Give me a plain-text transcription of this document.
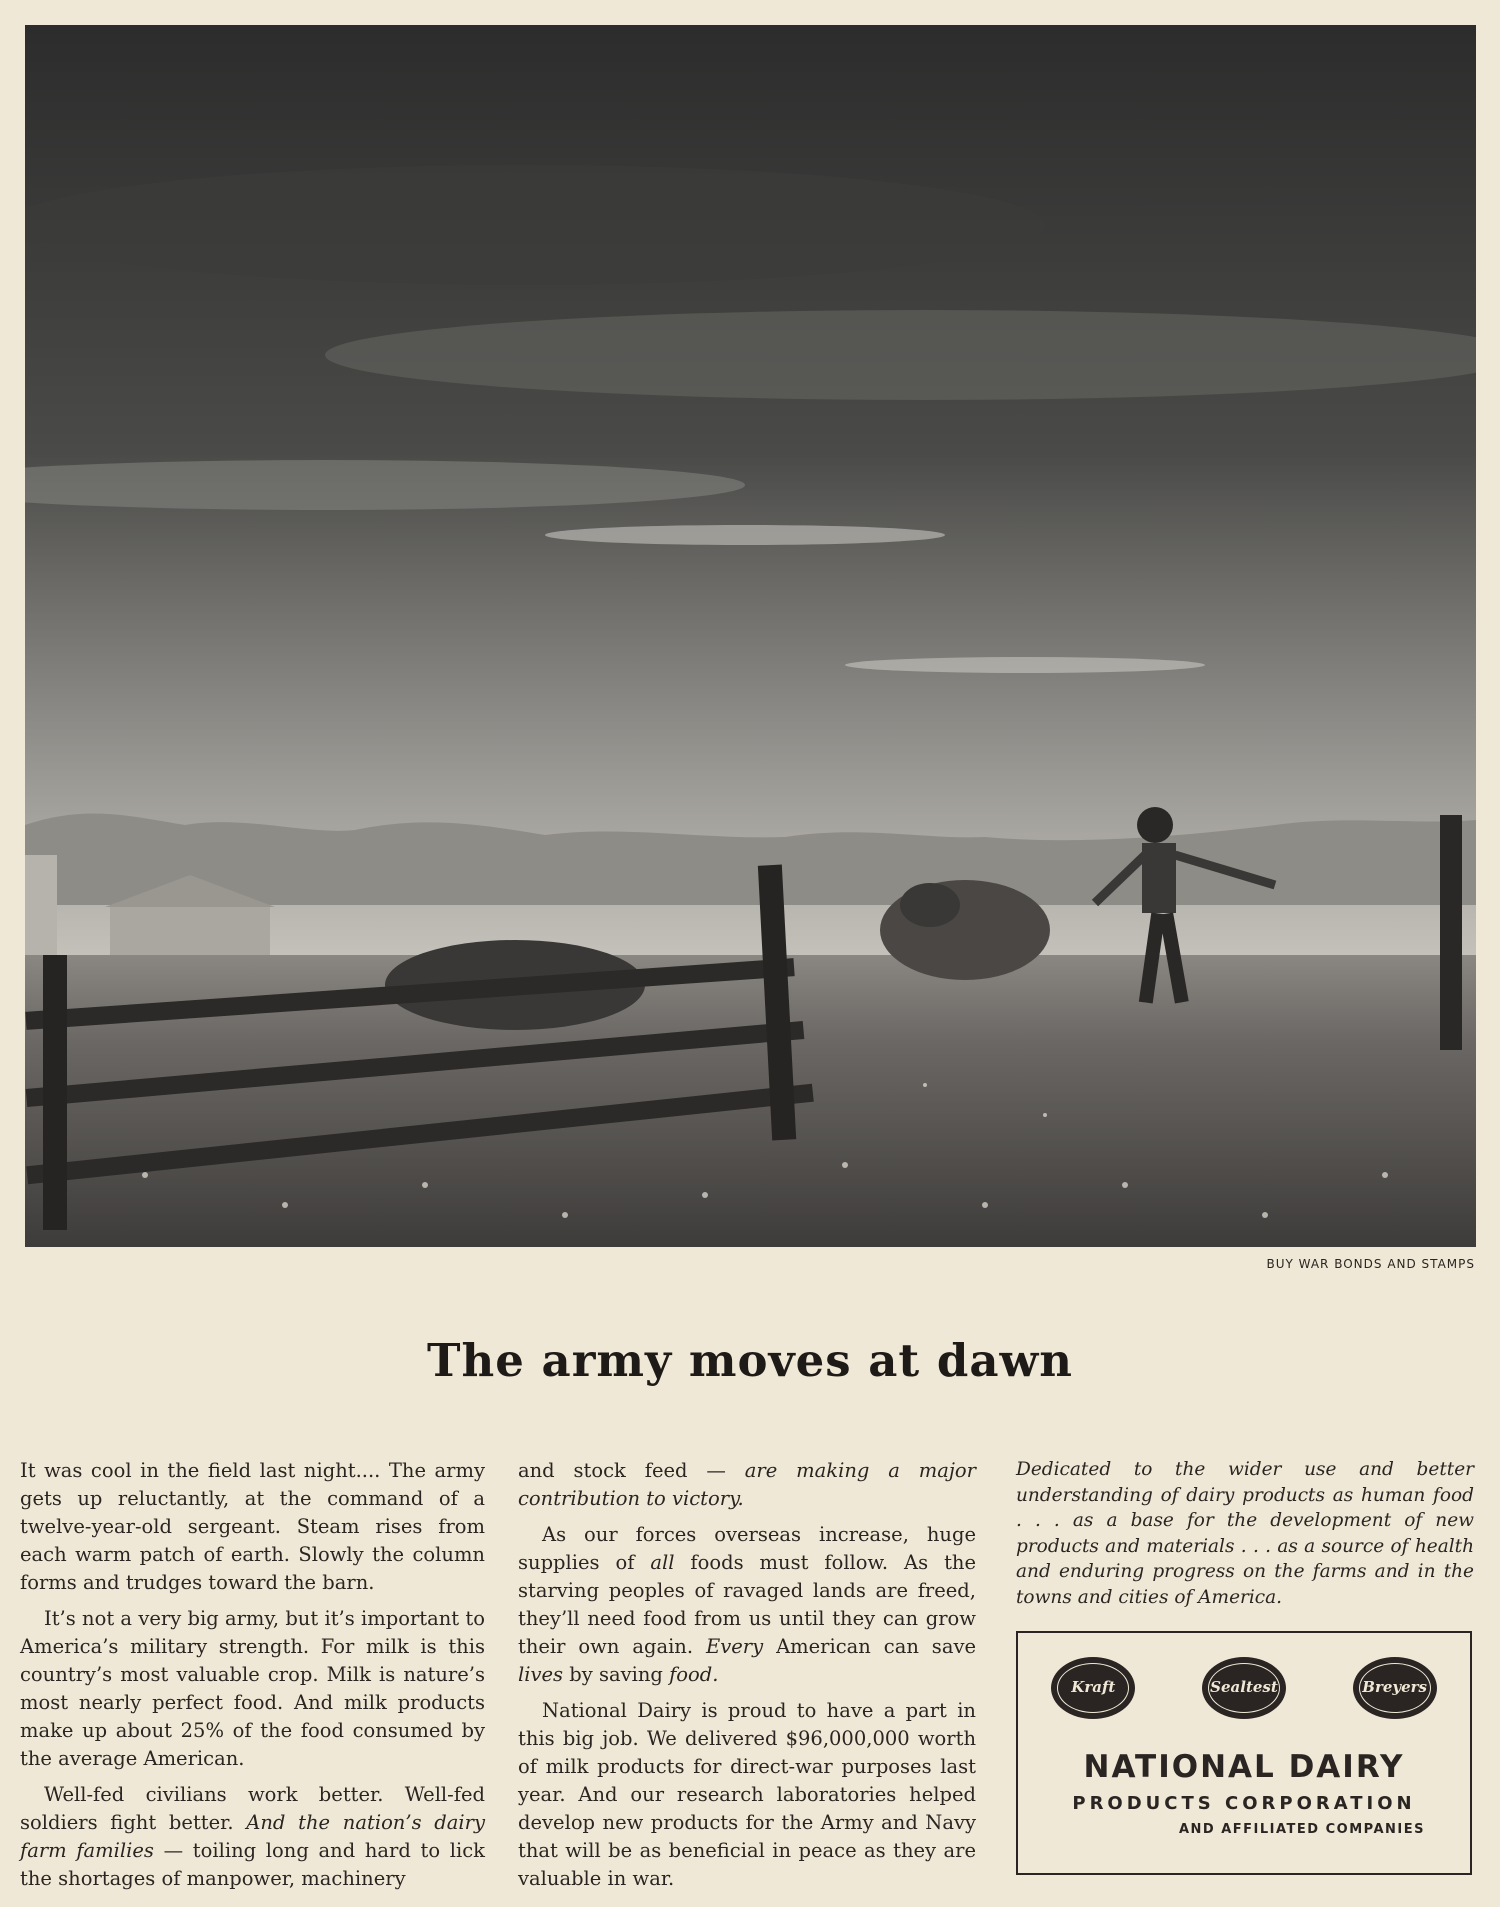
BUY WAR BONDS AND STAMPS
The army moves at dawn

It was cool in the field last night.... The army gets up reluctantly, at the command of a twelve-year-old sergeant. Steam rises from each warm patch of earth. Slowly the column forms and trudges toward the barn.

It’s not a very big army, but it’s important to America’s military strength. For milk is this country’s most valuable crop. Milk is nature’s most nearly perfect food. And milk products make up about 25% of the food consumed by the average American.

Well-fed civilians work better. Well-fed soldiers fight better. And the nation’s dairy farm families — toiling long and hard to lick the shortages of manpower, machinery

and stock feed — are making a major contribution to victory.

As our forces overseas increase, huge supplies of all foods must follow. As the starving peoples of ravaged lands are freed, they’ll need food from us until they can grow their own again. Every American can save lives by saving food.

National Dairy is proud to have a part in this big job. We delivered $96,000,000 worth of milk products for direct-war purposes last year. And our research laboratories helped develop new products for the Army and Navy that will be as beneficial in peace as they are valuable in war.

Dedicated to the wider use and better understanding of dairy products as human food . . . as a base for the development of new products and materials . . . as a source of health and enduring progress on the farms and in the towns and cities of America.

Kraft	Sealtest	Breyers
NATIONAL DAIRY
PRODUCTS CORPORATION
AND AFFILIATED COMPANIES
